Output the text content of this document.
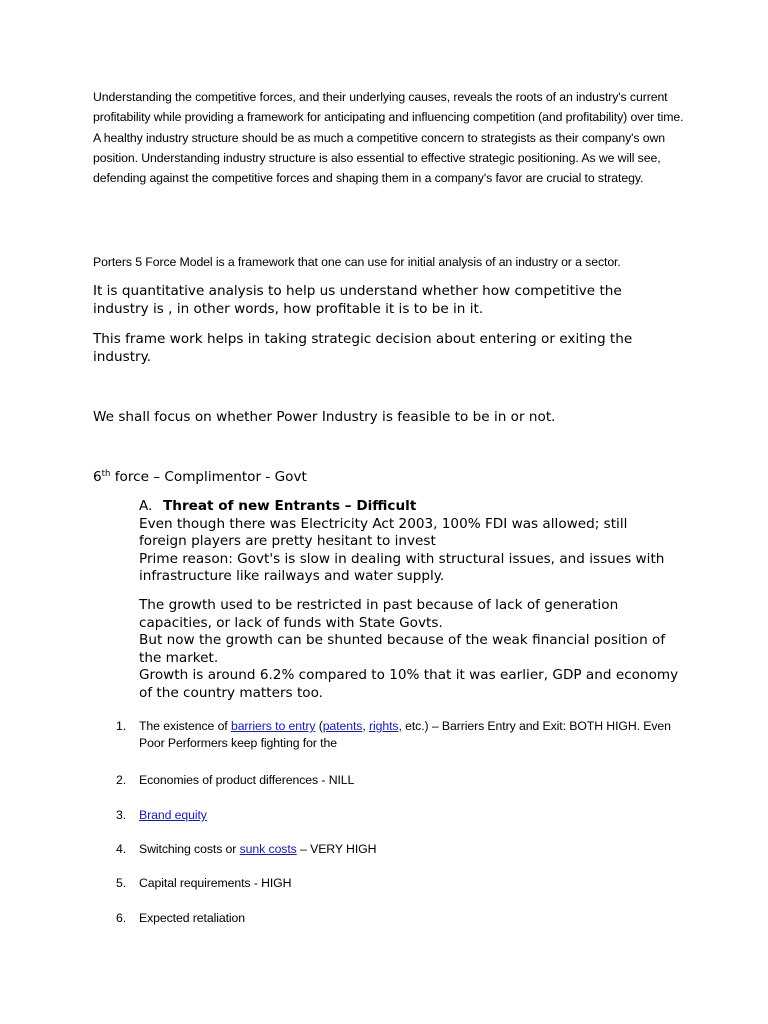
Understanding the competitive forces, and their underlying causes, reveals the roots of an industry's current profitability while providing a framework for anticipating and influencing competition (and profitability) over time. A healthy industry structure should be as much a competitive concern to strategists as their company's own position. Understanding industry structure is also essential to effective strategic positioning. As we will see, defending against the competitive forces and shaping them in a company's favor are crucial to strategy.

Porters 5 Force Model is a framework that one can use for initial analysis of an industry or a sector.

It is quantitative analysis to help us understand whether how competitive the industry is , in other words, how profitable it is to be in it.

This frame work helps in taking strategic decision about entering or exiting the industry.

We shall focus on whether Power Industry is feasible to be in or not.

6th force – Complimentor - Govt

A. Threat of new Entrants – Difficult
Even though there was Electricity Act 2003, 100% FDI was allowed; still foreign players are pretty hesitant to invest
Prime reason: Govt's is slow in dealing with structural issues, and issues with infrastructure like railways and water supply.
The growth used to be restricted in past because of lack of generation capacities, or lack of funds with State Govts.
But now the growth can be shunted because of the weak financial position of the market.
Growth is around 6.2% compared to 10% that it was earlier, GDP and economy of the country matters too.

1.	The existence of barriers to entry (patents, rights, etc.) – Barriers Entry and Exit: BOTH HIGH. Even Poor Performers keep fighting for the

2.	Economies of product differences - NILL

3.	Brand equity

4.	Switching costs or sunk costs – VERY HIGH

5.	Capital requirements - HIGH

6.	Expected retaliation
